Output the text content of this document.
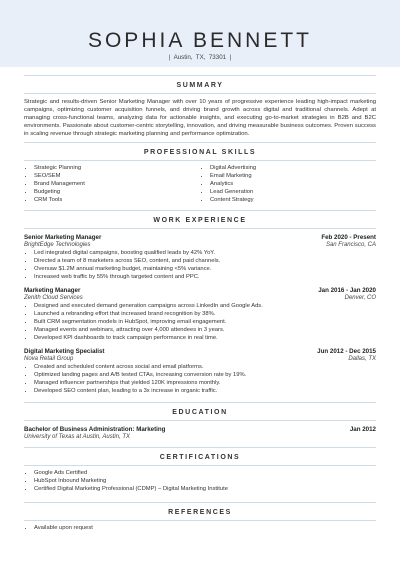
SOPHIA BENNETT
|  Austin,  TX,  73301  |
SUMMARY

Strategic and results-driven Senior Marketing Manager with over 10 years of progressive experience leading high-impact marketing campaigns, optimizing customer acquisition funnels, and driving brand growth across digital and traditional channels. Adept at managing cross-functional teams, analyzing data for actionable insights, and executing go-to-market strategies in B2B and B2C environments. Passionate about customer-centric storytelling, innovation, and driving measurable business outcomes. Proven success in scaling revenue through strategic marketing planning and performance optimization.

PROFESSIONAL SKILLS
• Strategic Planning
• SEO/SEM
• Brand Management
• Budgeting
• CRM Tools
• Digital Advertising
• Email Marketing
• Analytics
• Lead Generation
• Content Strategy
WORK EXPERIENCE
Senior Marketing Manager	Feb 2020 - Present
BrightEdge Technologies	San Francisco, CA
• Led integrated digital campaigns, boosting qualified leads by 42% YoY.
• Directed a team of 8 marketers across SEO, content, and paid channels.
• Oversaw $1.2M annual marketing budget, maintaining <5% variance.
• Increased web traffic by 55% through targeted content and PPC.
Marketing Manager	Jan 2016 - Jan 2020
Zenith Cloud Services	Denver, CO
• Designed and executed demand generation campaigns across LinkedIn and Google Ads.
• Launched a rebranding effort that increased brand recognition by 38%.
• Built CRM segmentation models in HubSpot, improving email engagement.
• Managed events and webinars, attracting over 4,000 attendees in 3 years.
• Developed KPI dashboards to track campaign performance in real time.
Digital Marketing Specialist	Jun 2012 - Dec 2015
Nova Retail Group	Dallas, TX
• Created and scheduled content across social and email platforms.
• Optimized landing pages and A/B tested CTAs, increasing conversion rate by 19%.
• Managed influencer partnerships that yielded 120K impressions monthly.
• Developed SEO content plan, leading to a 3x increase in organic traffic.
EDUCATION
Bachelor of Business Administration: Marketing	Jan 2012
University of Texas at Austin, Austin, TX
CERTIFICATIONS
• Google Ads Certified
• HubSpot Inbound Marketing
• Certified Digital Marketing Professional (CDMP) – Digital Marketing Institute
REFERENCES
• Available upon request
